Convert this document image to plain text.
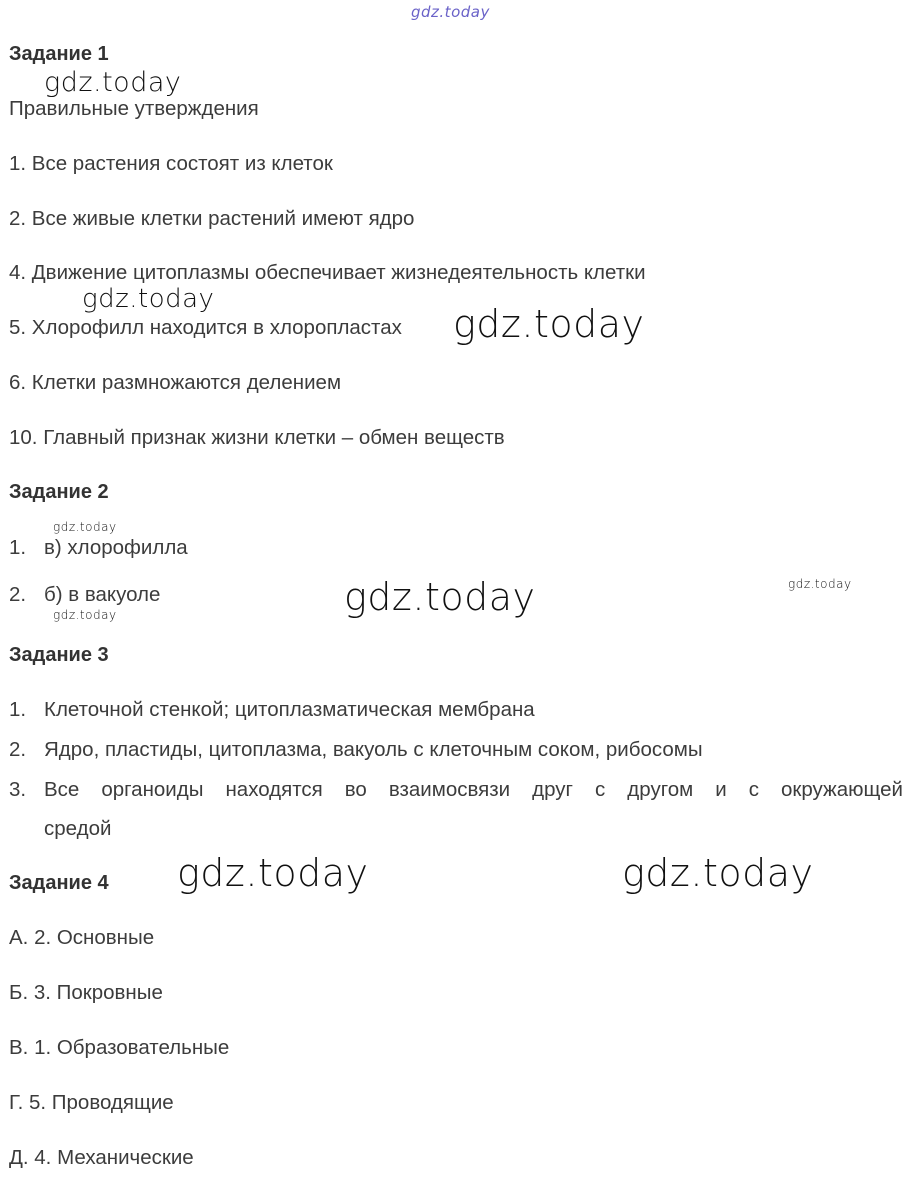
gdz.today
Задание 1
gdz.today
Правильные утверждения
1. Все растения состоят из клеток
2. Все живые клетки растений имеют ядро
4. Движение цитоплазмы обеспечивает жизнедеятельность клетки
gdz.today
5. Хлорофилл находится в хлоропластах gdz.today
6. Клетки размножаются делением
10. Главный признак жизни клетки – обмен веществ
Задание 2
gdz.today
1. в) хлорофилла
2. б) в вакуоле
gdz.today	gdz.today	gdz.today
Задание 3
1. Клеточной стенкой; цитоплазматическая мембрана
2. Ядро, пластиды, цитоплазма, вакуоль с клеточным соком, рибосомы
3. Все органоиды находятся во взаимосвязи друг с другом и с окружающей
средой
Задание 4 gdz.today	gdz.today
А. 2. Основные
Б. 3. Покровные
В. 1. Образовательные
Г. 5. Проводящие
Д. 4. Механические
